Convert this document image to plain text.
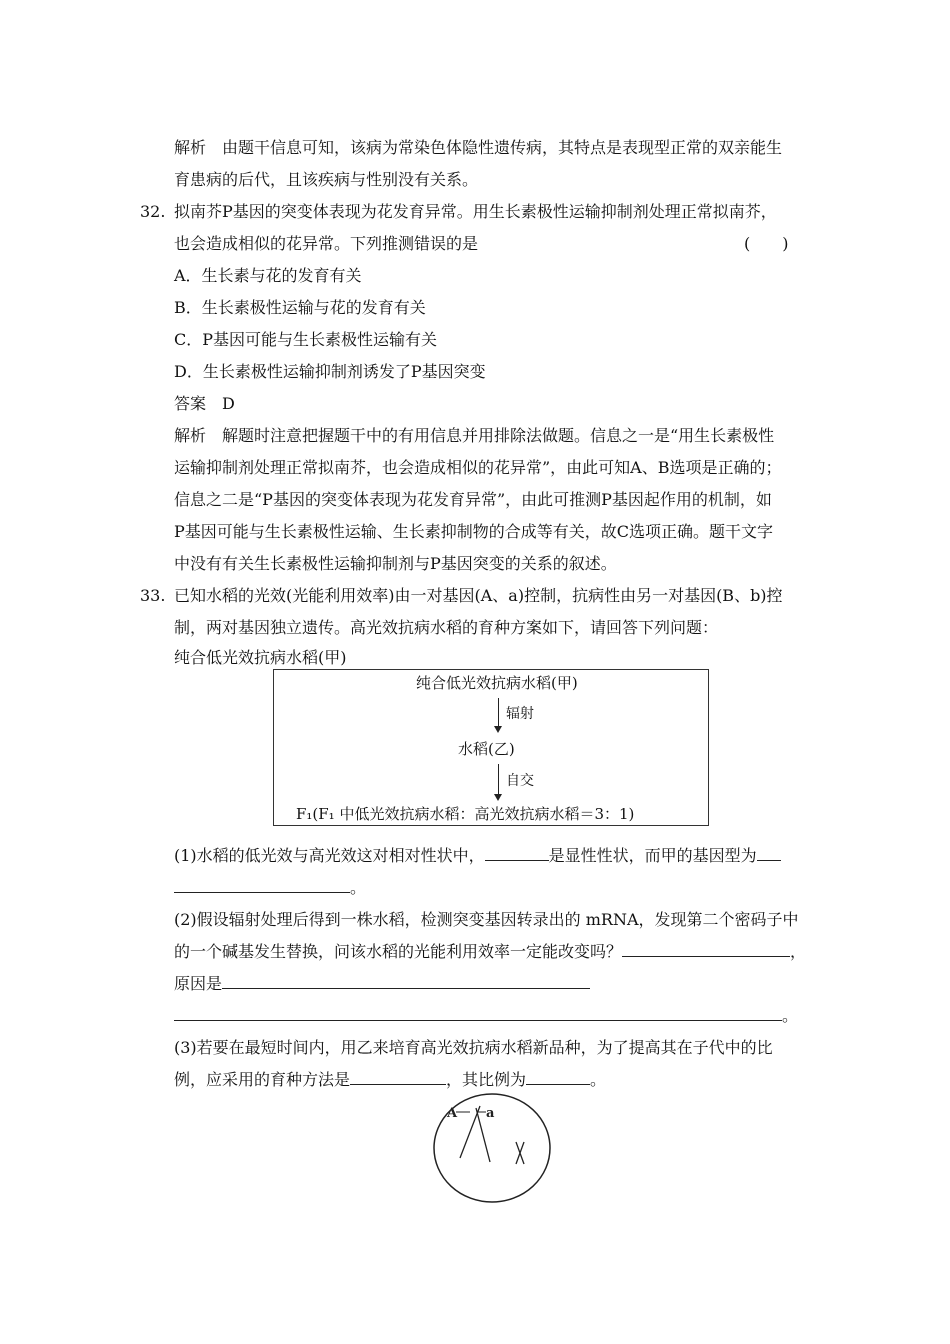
解析　由题干信息可知，该病为常染色体隐性遗传病，其特点是表现型正常的双亲能生
育患病的后代，且该疾病与性别没有关系。
32. 拟南芥P基因的突变体表现为花发育异常。用生长素极性运输抑制剂处理正常拟南芥，
也会造成相似的花异常。下列推测错误的是	(　　)
A．生长素与花的发育有关
B．生长素极性运输与花的发育有关
C．P基因可能与生长素极性运输有关
D．生长素极性运输抑制剂诱发了P基因突变
答案　D
解析　解题时注意把握题干中的有用信息并用排除法做题。信息之一是“用生长素极性
运输抑制剂处理正常拟南芥，也会造成相似的花异常”，由此可知A、B选项是正确的；
信息之二是“P基因的突变体表现为花发育异常”，由此可推测P基因起作用的机制，如
P基因可能与生长素极性运输、生长素抑制物的合成等有关，故C选项正确。题干文字
中没有有关生长素极性运输抑制剂与P基因突变的关系的叙述。
33. 已知水稻的光效(光能利用效率)由一对基因(A、a)控制，抗病性由另一对基因(B、b)控
制，两对基因独立遗传。高光效抗病水稻的育种方案如下，请回答下列问题：
纯合低光效抗病水稻(甲)
纯合低光效抗病水稻(甲)
辐射
水稻(乙)
自交
F₁(F₁ 中低光效抗病水稻：高光效抗病水稻＝3：1)
(1)水稻的低光效与高光效这对相对性状中，	是显性性状，而甲的基因型为
。
(2)假设辐射处理后得到一株水稻，检测突变基因转录出的 mRNA，发现第二个密码子中
的一个碱基发生替换，问该水稻的光能利用效率一定能改变吗？	，
原因是
。
(3)若要在最短时间内，用乙来培育高光效抗病水稻新品种，为了提高其在子代中的比
例，应采用的育种方法是	，其比例为	。
A a
